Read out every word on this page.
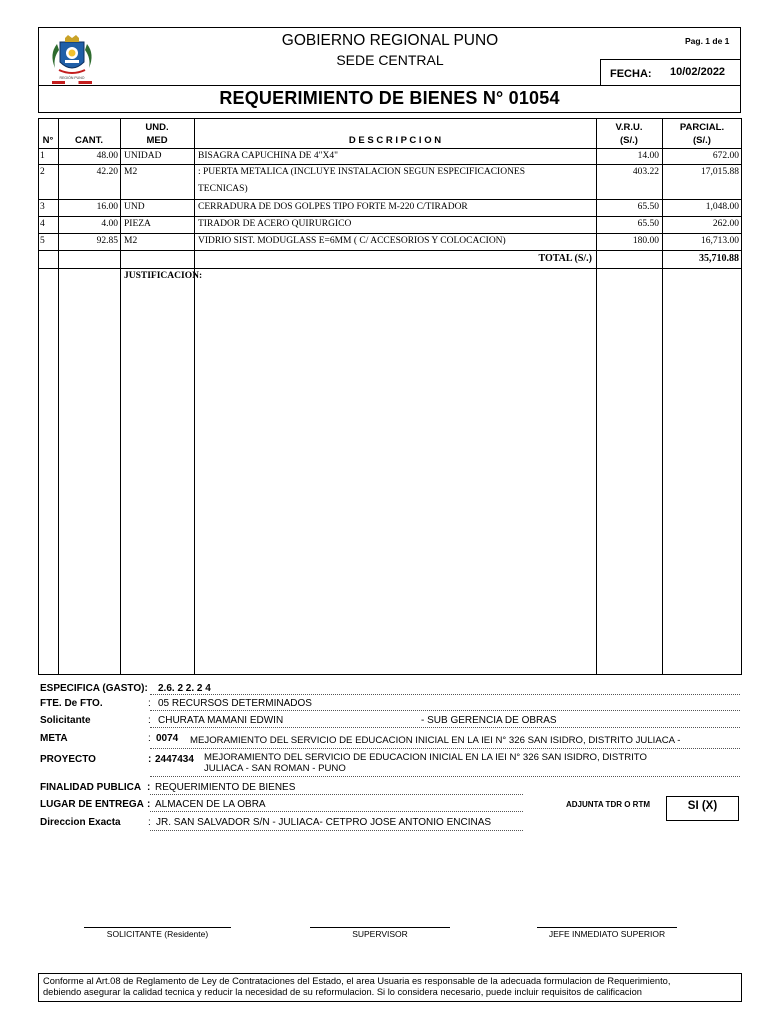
REGIÓN PUNO
GOBIERNO REGIONAL PUNO
SEDE CENTRAL
Pag. 1 de 1
FECHA: 10/02/2022
REQUERIMIENTO DE BIENES N° 01054
N°	CANT.
UND.
MED	D E S C R I P C I O N
V.R.U.
(S/.)
PARCIAL.
(S/.)
1	48.00 UNIDAD	BISAGRA CAPUCHINA DE 4"X4"	14.00	672.00
2	42.20 M2	: PUERTA METALICA (INCLUYE INSTALACION SEGUN ESPECIFICACIONES
TECNICAS)
403.22	17,015.88
3	16.00 UND	CERRADURA DE DOS GOLPES TIPO FORTE M-220 C/TIRADOR	65.50	1,048.00
4	4.00 PIEZA	TIRADOR DE ACERO QUIRURGICO	65.50	262.00
5	92.85 M2	VIDRIO SIST. MODUGLASS E=6MM ( C/ ACCESORIOS Y COLOCACION)	180.00	16,713.00
TOTAL (S/.)	35,710.88
JUSTIFICACION:
ESPECIFICA (GASTO): 2.6. 2 2. 2 4
FTE. De FTO.	: 05 RECURSOS DETERMINADOS
Solicitante	: CHURATA MAMANI EDWIN	- SUB GERENCIA DE OBRAS
META	: 0074 MEJORAMIENTO DEL SERVICIO DE EDUCACION INICIAL EN LA IEI N° 326 SAN ISIDRO, DISTRITO JULIACA -
PROYECTO	: 2447434 MEJORAMIENTO DEL SERVICIO DE EDUCACION INICIAL EN LA IEI N° 326 SAN ISIDRO, DISTRITO
JULIACA - SAN ROMAN - PUNO
FINALIDAD PUBLICA : REQUERIMIENTO DE BIENES
LUGAR DE ENTREGA : ALMACEN DE LA OBRA
Direccion Exacta	: JR. SAN SALVADOR S/N - JULIACA- CETPRO JOSE ANTONIO ENCINAS
ADJUNTA TDR O RTM	SI (X)
SOLICITANTE (Residente)	SUPERVISOR	JEFE INMEDIATO SUPERIOR
Conforme al Art.08 de Reglamento de Ley de Contrataciones del Estado, el area Usuaria es responsable de la adecuada formulacion de Requerimiento,
debiendo asegurar la calidad tecnica y reducir la necesidad de su reformulacion. Si lo considera necesario, puede incluir requisitos de calificacion
